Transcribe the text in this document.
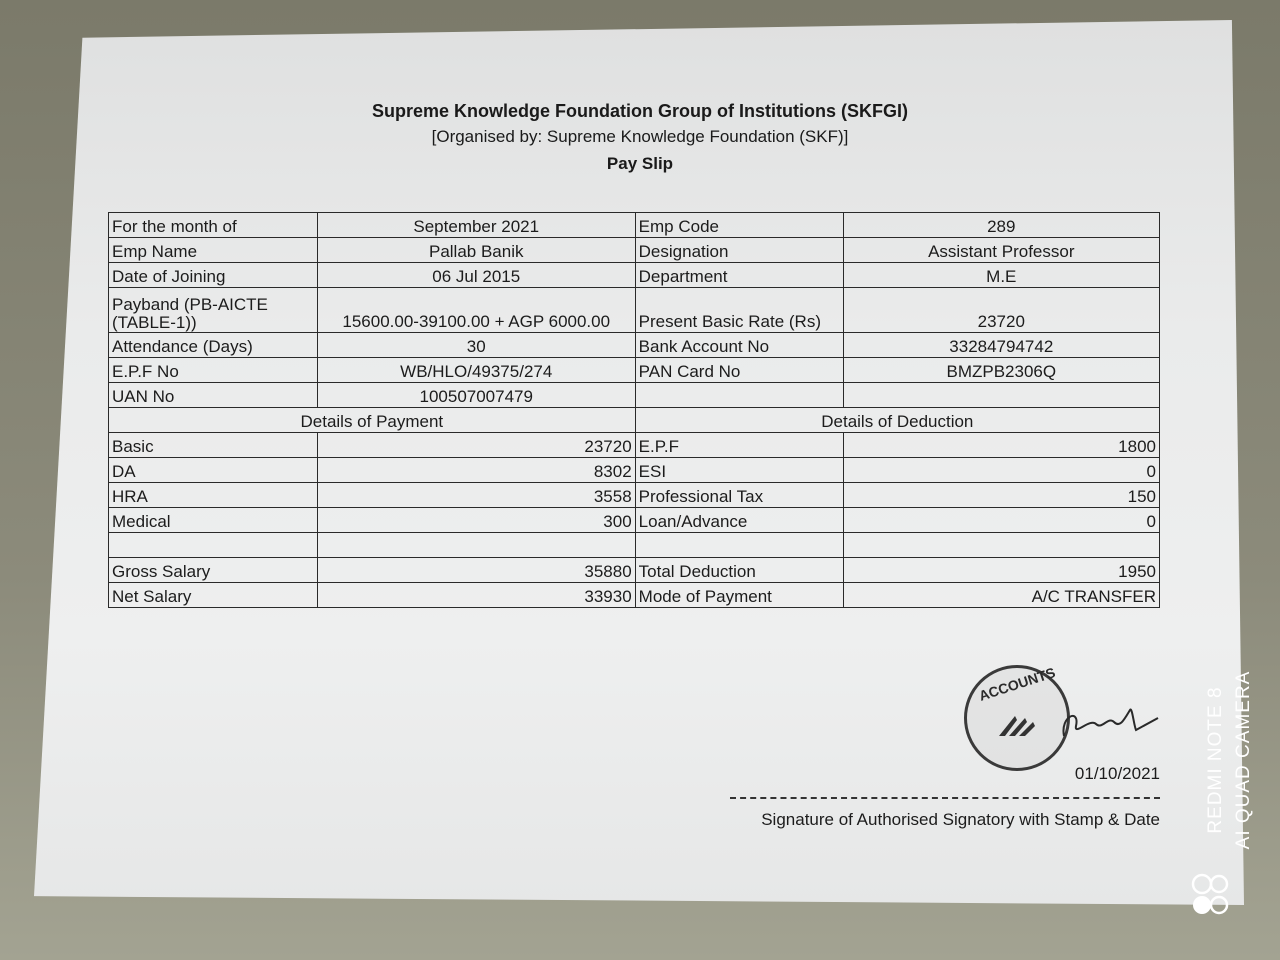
Supreme Knowledge Foundation Group of Institutions (SKFGI)
[Organised by: Supreme Knowledge Foundation (SKF)]
Pay Slip
For the month of	September 2021	Emp Code	289
Emp Name	Pallab Banik	Designation	Assistant Professor
Date of Joining	06 Jul 2015	Department	M.E

Payband (PB-AICTE
(TABLE-1))	15600.00-39100.00 + AGP 6000.00	Present Basic Rate (Rs)	23720
Attendance (Days)	30	Bank Account No	33284794742
E.P.F No	WB/HLO/49375/274	PAN Card No	BMZPB2306Q
UAN No	100507007479		
Details of Payment		Details of Deduction	
Basic	23720	E.P.F	1800
DA	8302	ESI	0
HRA	3558	Professional Tax	150
Medical	300	Loan/Advance	0

Gross Salary	35880	Total Deduction	1950
Net Salary	33930	Mode of Payment	A/C TRANSFER
ACCOUNTS
01/10/2021
Signature of Authorised Signatory with Stamp & Date REDMI NOTE 8 AI QUAD CAMERA
